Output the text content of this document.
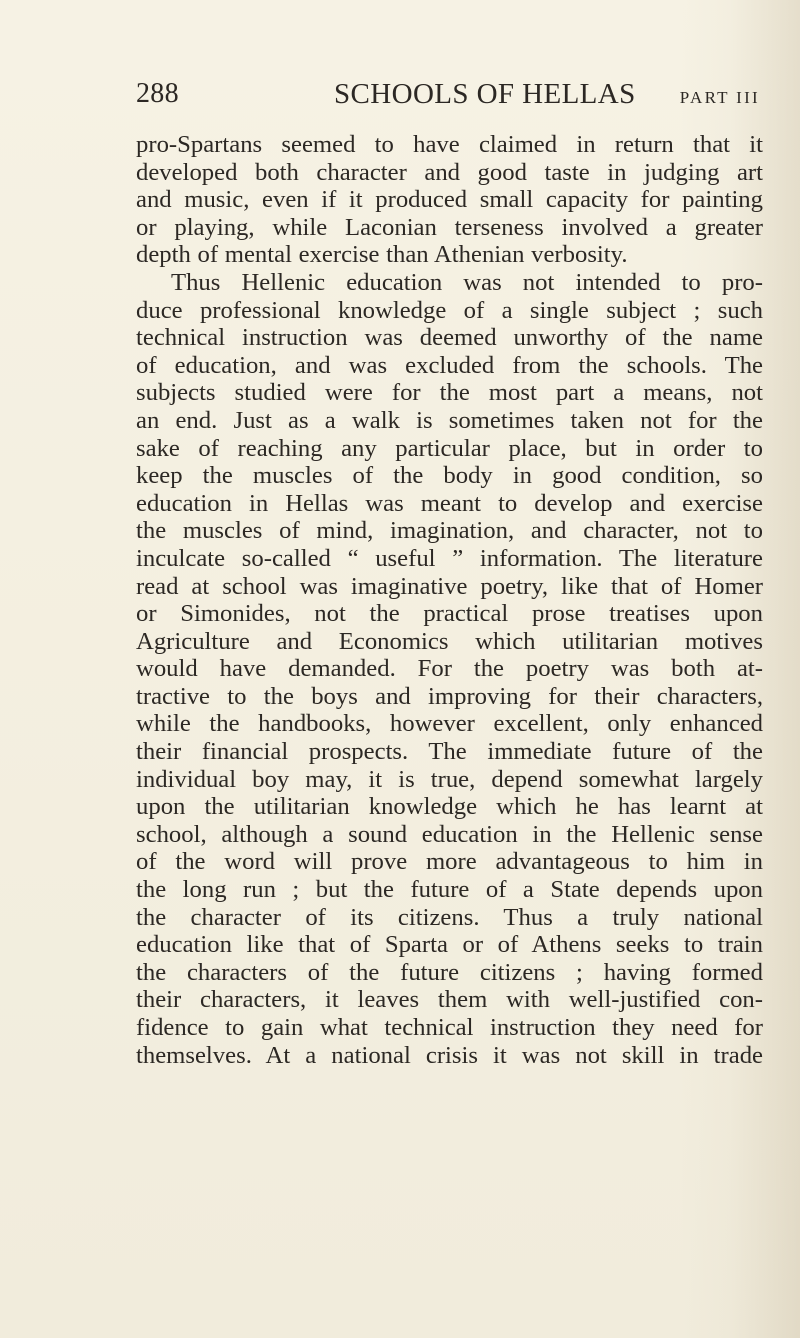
288	SCHOOLS OF HELLAS	PART III
pro-Spartans seemed to have claimed in return that it
developed both character and good taste in judging art
and music, even if it produced small capacity for painting
or playing, while Laconian terseness involved a greater
depth of mental exercise than Athenian verbosity.
Thus Hellenic education was not intended to pro-
duce professional knowledge of a single subject ; such
technical instruction was deemed unworthy of the name
of education, and was excluded from the schools. The
subjects studied were for the most part a means, not
an end. Just as a walk is sometimes taken not for the
sake of reaching any particular place, but in order to
keep the muscles of the body in good condition, so
education in Hellas was meant to develop and exercise
the muscles of mind, imagination, and character, not to
inculcate so-called “ useful ” information. The literature
read at school was imaginative poetry, like that of Homer
or Simonides, not the practical prose treatises upon
Agriculture and Economics which utilitarian motives
would have demanded. For the poetry was both at-
tractive to the boys and improving for their characters,
while the handbooks, however excellent, only enhanced
their financial prospects. The immediate future of the
individual boy may, it is true, depend somewhat largely
upon the utilitarian knowledge which he has learnt at
school, although a sound education in the Hellenic sense
of the word will prove more advantageous to him in
the long run ; but the future of a State depends upon
the character of its citizens. Thus a truly national
education like that of Sparta or of Athens seeks to train
the characters of the future citizens ; having formed
their characters, it leaves them with well-justified con-
fidence to gain what technical instruction they need for
themselves. At a national crisis it was not skill in trade
